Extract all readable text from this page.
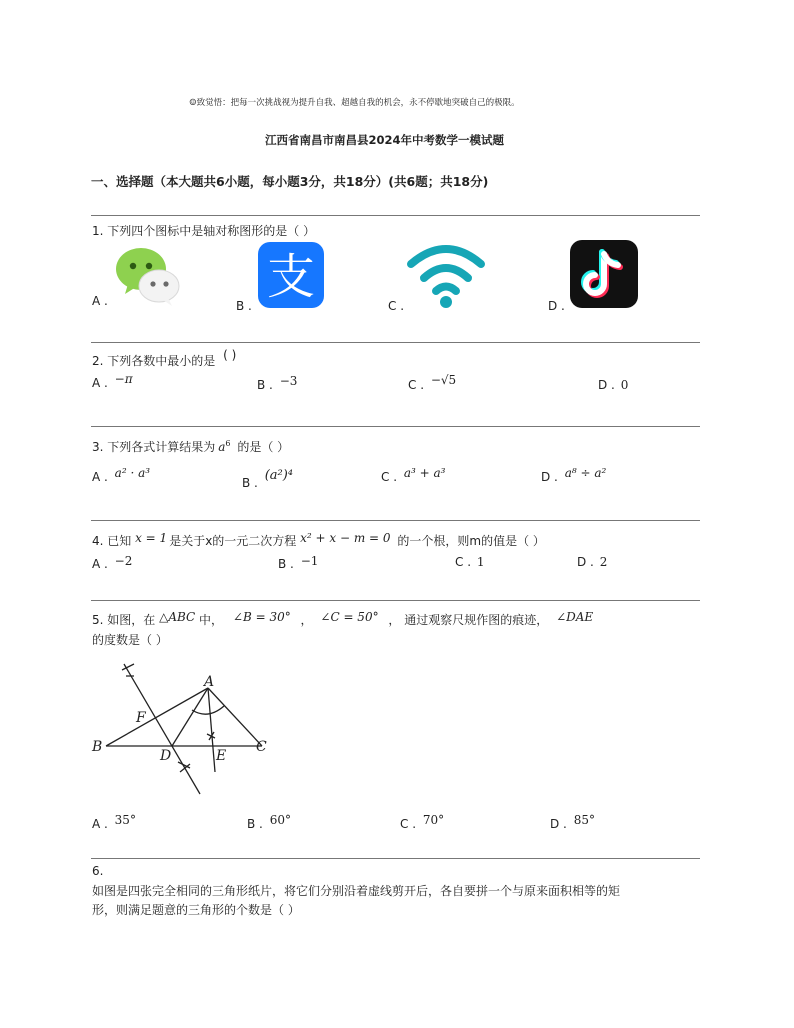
☺致觉悟：把每一次挑战视为提升自我、超越自我的机会，永不停歇地突破自己的极限。
江西省南昌市南昌县2024年中考数学一模试题
一、选择题（本大题共6小题，每小题3分，共18分）(共6题；共18分)
1. 下列四个图标中是轴对称图形的是（ ）
A .	B .
支
C .	D .
2. 下列各数中最小的是 ( )
A . −π	B . −3	C . −√5	D . 0
3. 下列各式计算结果为 $a^6$ 的是（ ）
A . a² · a³
B . (a²)⁴	C . a³ + a³	D . a⁸ ÷ a²
4. 已知 x = 1 是关于x的一元二次方程 x² + x − m = 0 的一个根，则m的值是（ ）
A . −2	B . −1	C . 1	D . 2
5. 如图，在 △ABC 中， ∠B = 30° ， ∠C = 50° ， 通过观察尺规作图的痕迹， ∠DAE
的度数是（ ）
A
B	C
D	E
F
A . 35°	B . 60°	C . 70°	D . 85°
6.
如图是四张完全相同的三角形纸片，将它们分别沿着虚线剪开后，各自要拼一个与原来面积相等的矩
形，则满足题意的三角形的个数是（ ）
